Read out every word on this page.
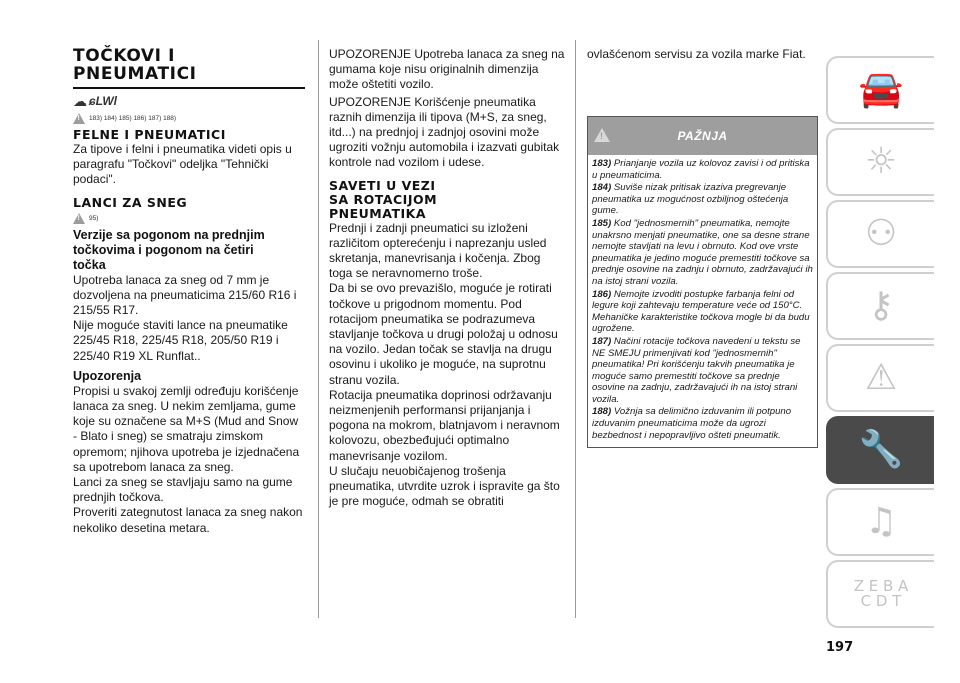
TOČKOVI I
PNEUMATICI
☁ ɕLWl
!
183) 184) 185) 186) 187) 188)
FELNE I PNEUMATICI

Za tipove i felni i pneumatika videti opis u paragrafu "Točkovi" odeljka "Tehnički podaci".

LANCI ZA SNEG
!
95)
Verzije sa pogonom na prednjim
točkovima i pogonom na četiri
točka

Upotreba lanaca za sneg od 7 mm je dozvoljena na pneumaticima 215/60 R16 i 215/55 R17.

Nije moguće staviti lance na pneumatike 225/45 R18, 225/45 R18, 205/50 R19 i 225/40 R19 XL Runflat..

Upozorenja

Propisi u svakoj zemlji određuju korišćenje lanaca za sneg. U nekim zemljama, gume koje su označene sa M+S (Mud and Snow - Blato i sneg) se smatraju zimskom opremom; njihova upotreba je izjednačena sa upotrebom lanaca za sneg.

Lanci za sneg se stavljaju samo na gume prednjih točkova.

Proveriti zategnutost lanaca za sneg nakon nekoliko desetina metara.

UPOZORENJE Upotreba lanaca za sneg na gumama koje nisu originalnih dimenzija može oštetiti vozilo.

UPOZORENJE Korišćenje pneumatika raznih dimenzija ili tipova (M+S, za sneg, itd...) na prednjoj i zadnjoj osovini može ugroziti vožnju automobila i izazvati gubitak kontrole nad vozilom i udese.

SAVETI U VEZI
SA ROTACIJOM
PNEUMATIKA

Prednji i zadnji pneumatici su izloženi različitom opterećenju i naprezanju usled skretanja, manevrisanja i kočenja. Zbog toga se neravnomerno troše.

Da bi se ovo prevazišlo, moguće je rotirati točkove u prigodnom momentu. Pod rotacijom pneumatika se podrazumeva stavljanje točkova u drugi položaj u odnosu na vozilo. Jedan točak se stavlja na drugu osovinu i ukoliko je moguće, na suprotnu stranu vozila.

Rotacija pneumatika doprinosi održavanju neizmenjenih performansi prijanjanja i pogona na mokrom, blatnjavom i neravnom kolovozu, obezbeđujući optimalno manevrisanje vozilom.

U slučaju neuobičajenog trošenja pneumatika, utvrdite uzrok i ispravite ga što je pre moguće, odmah se obratiti

ovlašćenom servisu za vozila marke Fiat.

!
PAŽNJA
183) Prianjanje vozila uz kolovoz zavisi i od pritiska u pneumaticima.
184) Suviše nizak pritisak izaziva pregrevanje pneumatika uz mogućnost ozbiljnog oštećenja gume.
185) Kod "jednosmernih" pneumatika, nemojte unakrsno menjati pneumatike, one sa desne strane nemojte stavljati na levu i obrnuto. Kod ove vrste pneumatika je jedino moguće premestiti točkove sa prednje osovine na zadnju i obrnuto, zadržavajući ih na istoj strani vozila.
186) Nemojte izvoditi postupke farbanja felni od legure koji zahtevaju temperature veće od 150°C. Mehaničke karakteristike točkova mogle bi da budu ugrožene.
187) Načini rotacije točkova navedeni u tekstu se NE SMEJU primenjivati kod "jednosmernih" pneumatika! Pri korišćenju takvih pneumatika je moguće samo premestiti točkove sa prednje osovine na zadnju, zadržavajući ih na istoj strani vozila.
188) Vožnja sa delimično izduvanim ili potpuno izduvanim pneumaticima može da ugrozi bezbednost i nepopravljivo ošteti pneumatik.
🚘
☼
⚇
⚷
⚠
🔧
♫
Z E B A C D T
197
